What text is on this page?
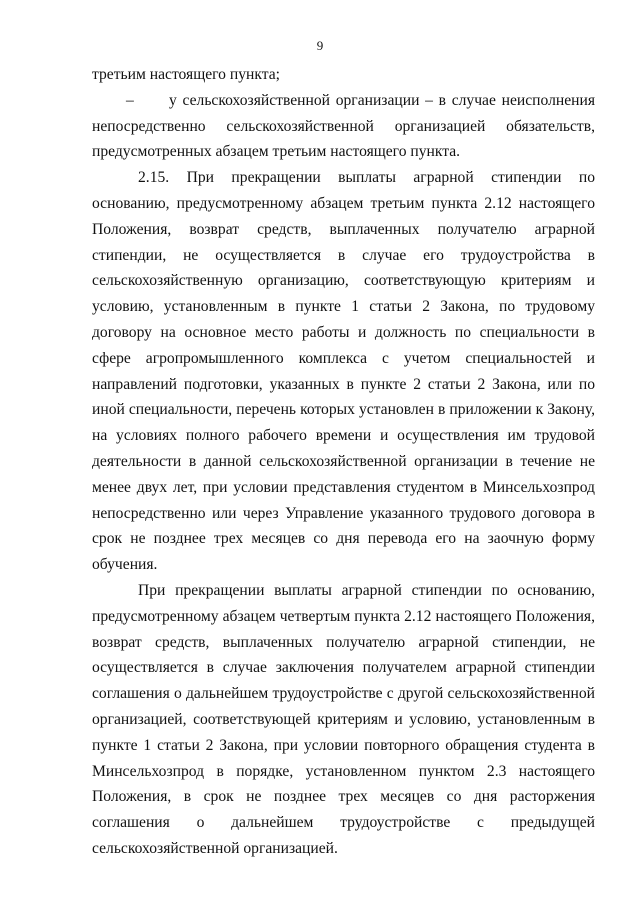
9

третьим настоящего пункта;

– у сельскохозяйственной организации – в случае неисполнения непосредственно сельскохозяйственной организацией обязательств, предусмотренных абзацем третьим настоящего пункта.

2.15. При прекращении выплаты аграрной стипендии по основанию, предусмотренному абзацем третьим пункта 2.12 настоящего Положения, возврат средств, выплаченных получателю аграрной стипендии, не осуществляется в случае его трудоустройства в сельскохозяйственную организацию, соответствующую критериям и условию, установленным в пункте 1 статьи 2 Закона, по трудовому договору на основное место работы и должность по специальности в сфере агропромышленного комплекса с учетом специальностей и направлений подготовки, указанных в пункте 2 статьи 2 Закона, или по иной специальности, перечень которых установлен в приложении к Закону, на условиях полного рабочего времени и осуществления им трудовой деятельности в данной сельскохозяйственной организации в течение не менее двух лет, при условии представления студентом в Минсельхозпрод непосредственно или через Управление указанного трудового договора в срок не позднее трех месяцев со дня перевода его на заочную форму обучения.

При прекращении выплаты аграрной стипендии по основанию, предусмотренному абзацем четвертым пункта 2.12 настоящего Положения, возврат средств, выплаченных получателю аграрной стипендии, не осуществляется в случае заключения получателем аграрной стипендии соглашения о дальнейшем трудоустройстве с другой сельскохозяйственной организацией, соответствующей критериям и условию, установленным в пункте 1 статьи 2 Закона, при условии повторного обращения студента в Минсельхозпрод в порядке, установленном пунктом 2.3 настоящего Положения, в срок не позднее трех месяцев со дня расторжения соглашения о дальнейшем трудоустройстве с предыдущей сельскохозяйственной организацией.
